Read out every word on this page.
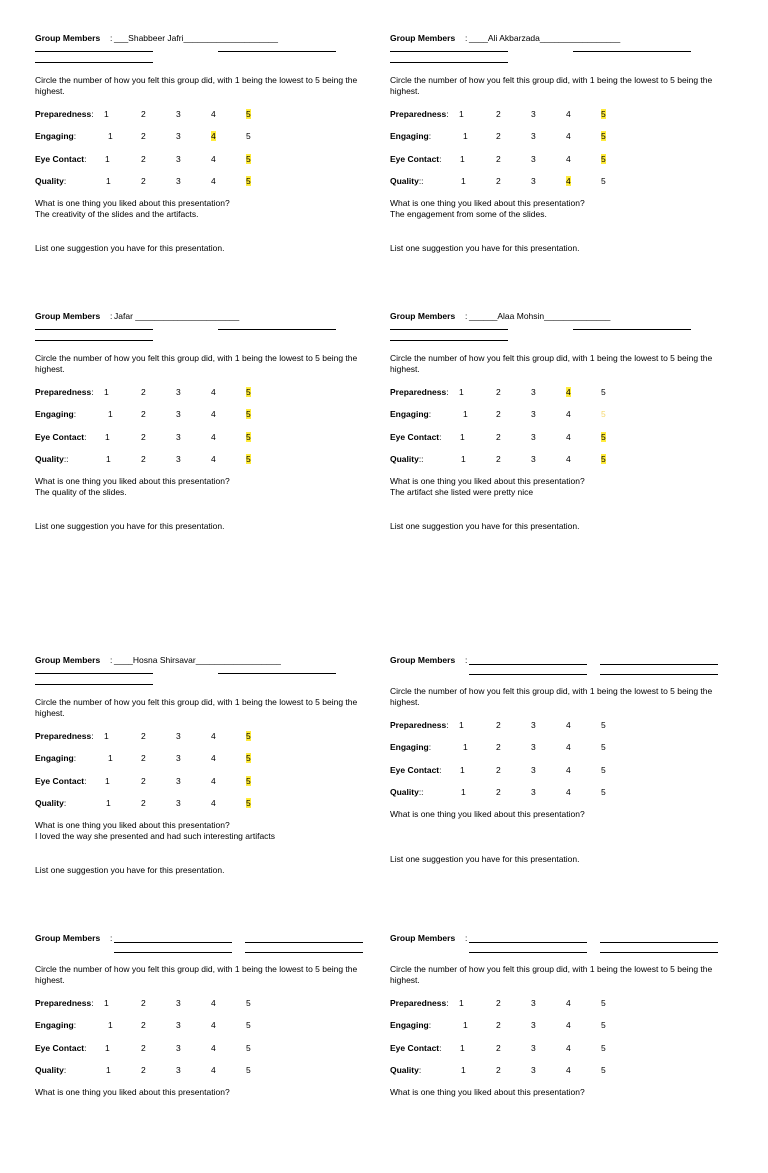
Group Members : ___Shabbeer Jafri____________________
Circle the number of how you felt this group did, with 1 being the lowest to 5 being the highest.
Preparedness: 1	2	3	4	5
Engaging:	1	2	3	4	5
Eye Contact: 1	2	3	4	5
Quality:	1	2	3	4	5
What is one thing you liked about this presentation?
The creativity of the slides and the artifacts.
List one suggestion you have for this presentation.
Group Members : ____Ali Akbarzada_________________
Circle the number of how you felt this group did, with 1 being the lowest to 5 being the highest.
Preparedness: 1	2	3	4	5
Engaging:	1	2	3	4	5
Eye Contact: 1	2	3	4	5
Quality::	1	2	3	4	5
What is one thing you liked about this presentation?
The engagement from some of the slides.
List one suggestion you have for this presentation.
Group Members : Jafar ______________________
Circle the number of how you felt this group did, with 1 being the lowest to 5 being the highest.
Preparedness: 1	2	3	4	5
Engaging:	1	2	3	4	5
Eye Contact: 1	2	3	4	5
Quality::	1	2	3	4	5
What is one thing you liked about this presentation?
The quality of the slides.
List one suggestion you have for this presentation.
Group Members : ______Alaa Mohsin______________
Circle the number of how you felt this group did, with 1 being the lowest to 5 being the highest.
Preparedness: 1	2	3	4	5
Engaging:	1	2	3	4	5
Eye Contact: 1	2	3	4	5
Quality::	1	2	3	4	5
What is one thing you liked about this presentation?
The artifact she listed were pretty nice
List one suggestion you have for this presentation.
Group Members : ____Hosna Shirsavar__________________
Circle the number of how you felt this group did, with 1 being the lowest to 5 being the highest.
Preparedness: 1	2	3	4	5
Engaging:	1	2	3	4	5
Eye Contact: 1	2	3	4	5
Quality:	1	2	3	4	5
What is one thing you liked about this presentation?
I loved the way she presented and had such interesting artifacts
List one suggestion you have for this presentation.
Group Members :
Circle the number of how you felt this group did, with 1 being the lowest to 5 being the highest.
Preparedness: 1	2	3	4	5
Engaging:	1	2	3	4	5
Eye Contact: 1	2	3	4	5
Quality::	1	2	3	4	5
What is one thing you liked about this presentation?
List one suggestion you have for this presentation.
Group Members :
Circle the number of how you felt this group did, with 1 being the lowest to 5 being the highest.
Preparedness: 1	2	3	4	5
Engaging:	1	2	3	4	5
Eye Contact: 1	2	3	4	5
Quality:	1	2	3	4	5
What is one thing you liked about this presentation?
Group Members :
Circle the number of how you felt this group did, with 1 being the lowest to 5 being the highest.
Preparedness: 1	2	3	4	5
Engaging:	1	2	3	4	5
Eye Contact: 1	2	3	4	5
Quality:	1	2	3	4	5
What is one thing you liked about this presentation?
